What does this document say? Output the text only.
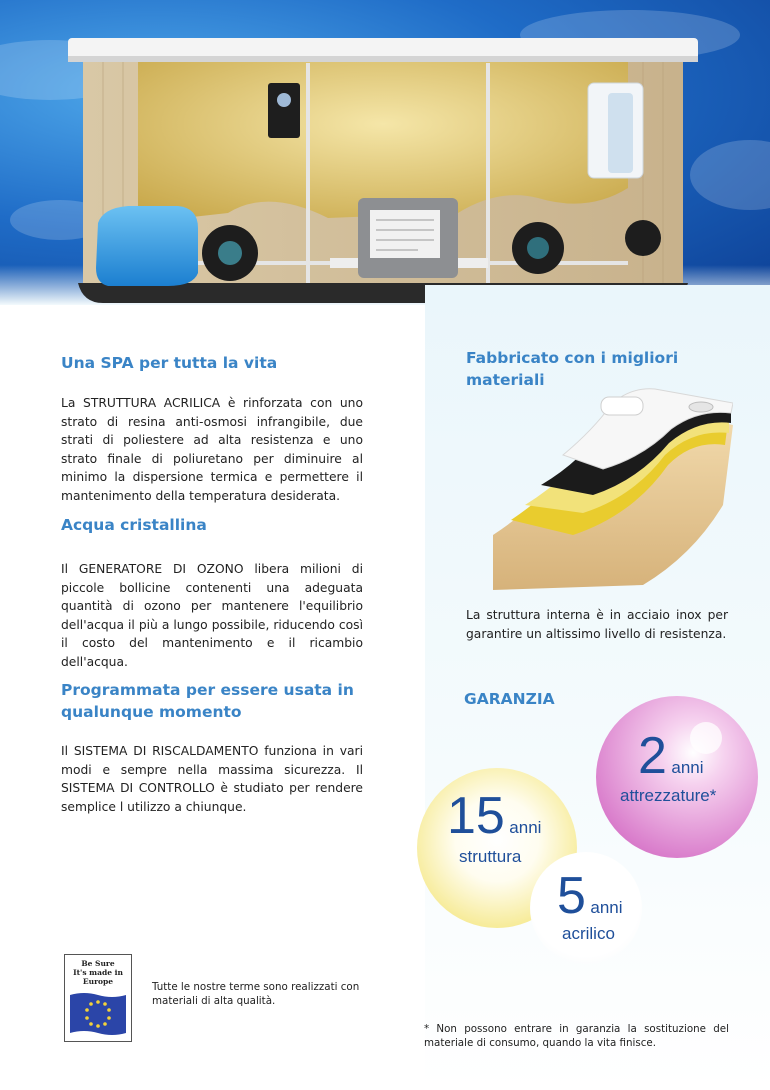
Una SPA per tutta la vita

La STRUTTURA ACRILICA è rinforzata con uno strato di resina anti-osmosi infrangibile, due strati di poliestere ad alta resistenza e uno strato finale di poliuretano per diminuire al minimo la dispersione termica e permettere il mantenimento della temperatura desiderata.

Acqua cristallina

Il GENERATORE DI OZONO libera milioni di piccole bollicine contenenti una adeguata quantità di ozono per mantenere l'equilibrio dell'acqua il più a lungo possibile, riducendo così il costo del mantenimento e il ricambio dell'acqua.

Programmata per essere usata in qualunque momento

Il SISTEMA DI RISCALDAMENTO funziona in vari modi e sempre nella massima sicurezza. Il SISTEMA DI CONTROLLO è studiato per rendere semplice l utilizzo a chiunque.

Fabbricato con i migliori materiali

La struttura interna è in acciaio inox per garantire un altissimo livello di resistenza.

GARANZIA
2 anni
attrezzature*
15 anni
struttura
5 anni
acrilico
Be Sure
It's made in
Europe	Tutte le nostre terme sono realizzati con materiali di alta qualità.

* Non possono entrare in garanzia la sostituzione del materiale di consumo, quando la vita finisce.
